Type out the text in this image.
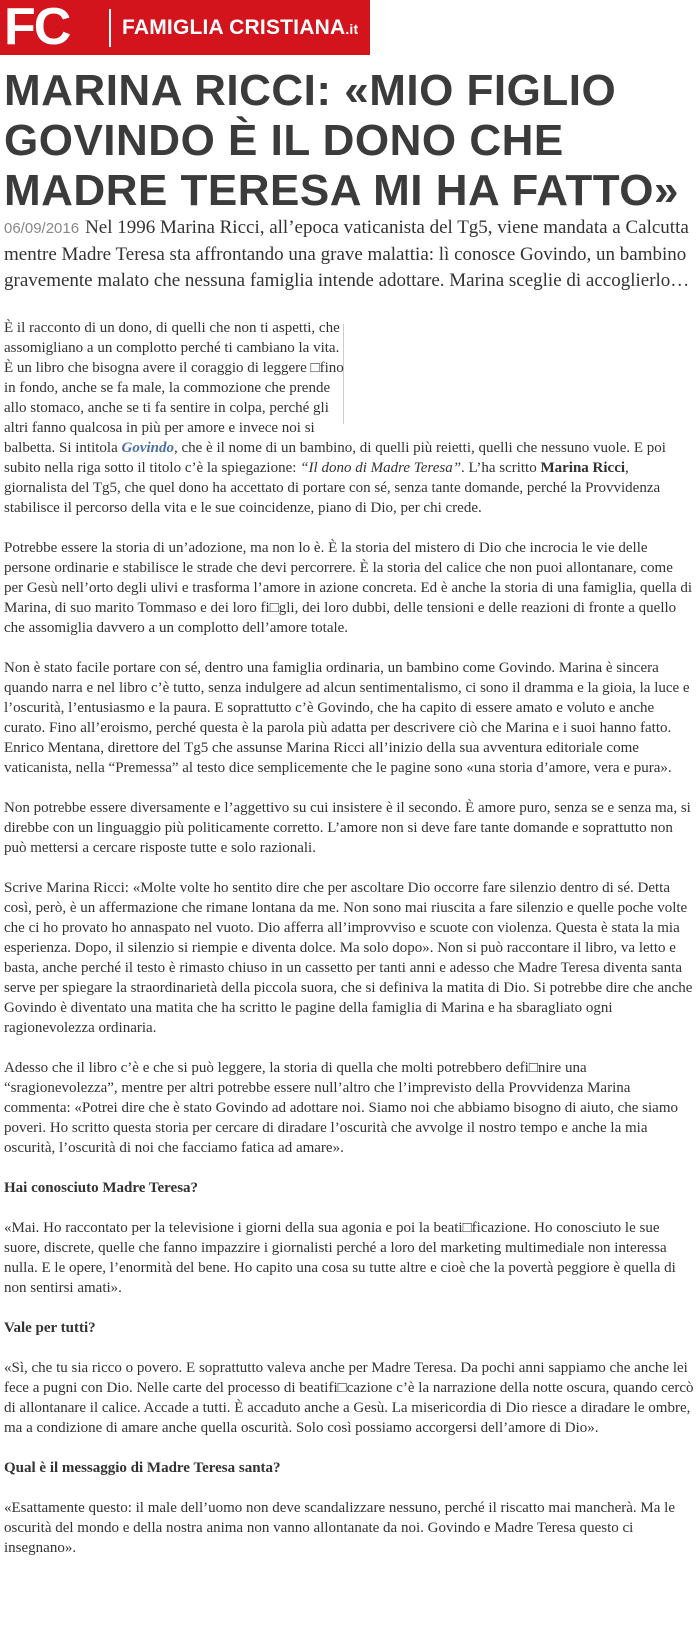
FC	FAMIGLIA CRISTIANA.it
MARINA RICCI: «MIO FIGLIO GOVINDO È IL DONO CHE MADRE TERESA MI HA FATTO»

06/09/2016 Nel 1996 Marina Ricci, all’epoca vaticanista del Tg5, viene mandata a Calcutta mentre Madre Teresa sta affrontando una grave malattia: lì conosce Govindo, un bambino gravemente malato che nessuna famiglia intende adottare. Marina sceglie di accoglierlo…

È il racconto di un dono, di quelli che non ti aspetti, che assomigliano a un complotto perché ti cambiano la vita. È un libro che bisogna avere il coraggio di leggere □fino in fondo, anche se fa male, la commozione che prende allo stomaco, anche se ti fa sentire in colpa, perché gli altri fanno qualcosa in più per amore e invece noi si balbetta. Si intitola Govindo, che è il nome di un bambino, di quelli più reietti, quelli che nessuno vuole. E poi subito nella riga sotto il titolo c’è la spiegazione: “Il dono di Madre Teresa”. L’ha scritto Marina Ricci, giornalista del Tg5, che quel dono ha accettato di portare con sé, senza tante domande, perché la Provvidenza stabilisce il percorso della vita e le sue coincidenze, piano di Dio, per chi crede.

Potrebbe essere la storia di un’adozione, ma non lo è. È la storia del mistero di Dio che incrocia le vie delle persone ordinarie e stabilisce le strade che devi percorrere. È la storia del calice che non puoi allontanare, come per Gesù nell’orto degli ulivi e trasforma l’amore in azione concreta. Ed è anche la storia di una famiglia, quella di Marina, di suo marito Tommaso e dei loro fi□gli, dei loro dubbi, delle tensioni e delle reazioni di fronte a quello che assomiglia davvero a un complotto dell’amore totale.

Non è stato facile portare con sé, dentro una famiglia ordinaria, un bambino come Govindo. Marina è sincera quando narra e nel libro c’è tutto, senza indulgere ad alcun sentimentalismo, ci sono il dramma e la gioia, la luce e l’oscurità, l’entusiasmo e la paura. E soprattutto c’è Govindo, che ha capito di essere amato e voluto e anche curato. Fino all’eroismo, perché questa è la parola più adatta per descrivere ciò che Marina e i suoi hanno fatto. Enrico Mentana, direttore del Tg5 che assunse Marina Ricci all’inizio della sua avventura editoriale come vaticanista, nella “Premessa” al testo dice semplicemente che le pagine sono «una storia d’amore, vera e pura».

Non potrebbe essere diversamente e l’aggettivo su cui insistere è il secondo. È amore puro, senza se e senza ma, si direbbe con un linguaggio più politicamente corretto. L’amore non si deve fare tante domande e soprattutto non può mettersi a cercare risposte tutte e solo razionali.

Scrive Marina Ricci: «Molte volte ho sentito dire che per ascoltare Dio occorre fare silenzio dentro di sé. Detta così, però, è un affermazione che rimane lontana da me. Non sono mai riuscita a fare silenzio e quelle poche volte che ci ho provato ho annaspato nel vuoto. Dio afferra all’improvviso e scuote con violenza. Questa è stata la mia esperienza. Dopo, il silenzio si riempie e diventa dolce. Ma solo dopo». Non si può raccontare il libro, va letto e basta, anche perché il testo è rimasto chiuso in un cassetto per tanti anni e adesso che Madre Teresa diventa santa serve per spiegare la straordinarietà della piccola suora, che si definiva la matita di Dio. Si potrebbe dire che anche Govindo è diventato una matita che ha scritto le pagine della famiglia di Marina e ha sbaragliato ogni ragionevolezza ordinaria.

Adesso che il libro c’è e che si può leggere, la storia di quella che molti potrebbero defi□nire una “sragionevolezza”, mentre per altri potrebbe essere null’altro che l’imprevisto della Provvidenza Marina commenta: «Potrei dire che è stato Govindo ad adottare noi. Siamo noi che abbiamo bisogno di aiuto, che siamo poveri. Ho scritto questa storia per cercare di diradare l’oscurità che avvolge il nostro tempo e anche la mia oscurità, l’oscurità di noi che facciamo fatica ad amare».

Hai conosciuto Madre Teresa?

«Mai. Ho raccontato per la televisione i giorni della sua agonia e poi la beati□ficazione. Ho conosciuto le sue suore, discrete, quelle che fanno impazzire i giornalisti perché a loro del marketing multimediale non interessa nulla. E le opere, l’enormità del bene. Ho capito una cosa su tutte altre e cioè che la povertà peggiore è quella di non sentirsi amati».

Vale per tutti?

«Sì, che tu sia ricco o povero. E soprattutto valeva anche per Madre Teresa. Da pochi anni sappiamo che anche lei fece a pugni con Dio. Nelle carte del processo di beatifi□cazione c’è la narrazione della notte oscura, quando cercò di allontanare il calice. Accade a tutti. È accaduto anche a Gesù. La misericordia di Dio riesce a diradare le ombre, ma a condizione di amare anche quella oscurità. Solo così possiamo accorgersi dell’amore di Dio».

Qual è il messaggio di Madre Teresa santa?

«Esattamente questo: il male dell’uomo non deve scandalizzare nessuno, perché il riscatto mai mancherà. Ma le oscurità del mondo e della nostra anima non vanno allontanate da noi. Govindo e Madre Teresa questo ci insegnano».
